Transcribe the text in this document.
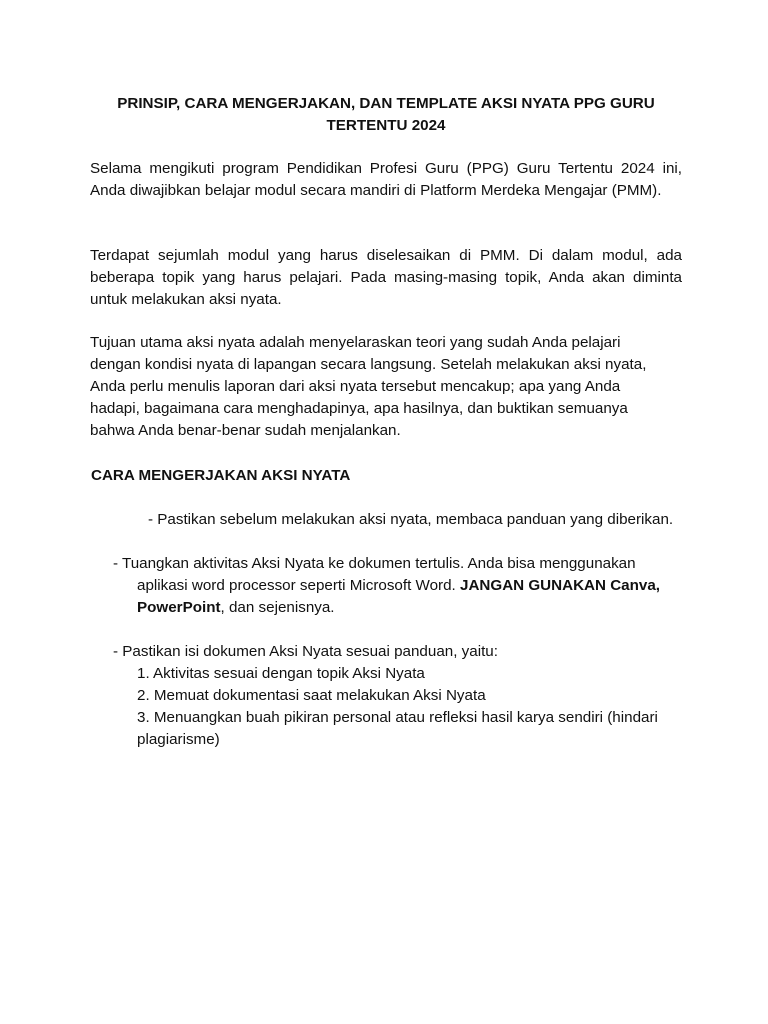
PRINSIP, CARA MENGERJAKAN, DAN TEMPLATE AKSI NYATA PPG GURU
TERTENTU 2024

Selama mengikuti program Pendidikan Profesi Guru (PPG) Guru Tertentu 2024 ini, Anda diwajibkan belajar modul secara mandiri di Platform Merdeka Mengajar (PMM).

Terdapat sejumlah modul yang harus diselesaikan di PMM. Di dalam modul, ada beberapa topik yang harus pelajari. Pada masing-masing topik, Anda akan diminta untuk melakukan aksi nyata.

Tujuan utama aksi nyata adalah menyelaraskan teori yang sudah Anda pelajari
dengan kondisi nyata di lapangan secara langsung. Setelah melakukan aksi nyata,
Anda perlu menulis laporan dari aksi nyata tersebut mencakup; apa yang Anda
hadapi, bagaimana cara menghadapinya, apa hasilnya, dan buktikan semuanya
bahwa Anda benar-benar sudah menjalankan.
CARA MENGERJAKAN AKSI NYATA
- Pastikan sebelum melakukan aksi nyata, membaca panduan yang diberikan.
- Tuangkan aktivitas Aksi Nyata ke dokumen tertulis. Anda bisa menggunakan
aplikasi word processor seperti Microsoft Word. JANGAN GUNAKAN Canva,
PowerPoint, dan sejenisnya.
- Pastikan isi dokumen Aksi Nyata sesuai panduan, yaitu:
1. Aktivitas sesuai dengan topik Aksi Nyata
2. Memuat dokumentasi saat melakukan Aksi Nyata
3. Menuangkan buah pikiran personal atau refleksi hasil karya sendiri (hindari
plagiarisme)
